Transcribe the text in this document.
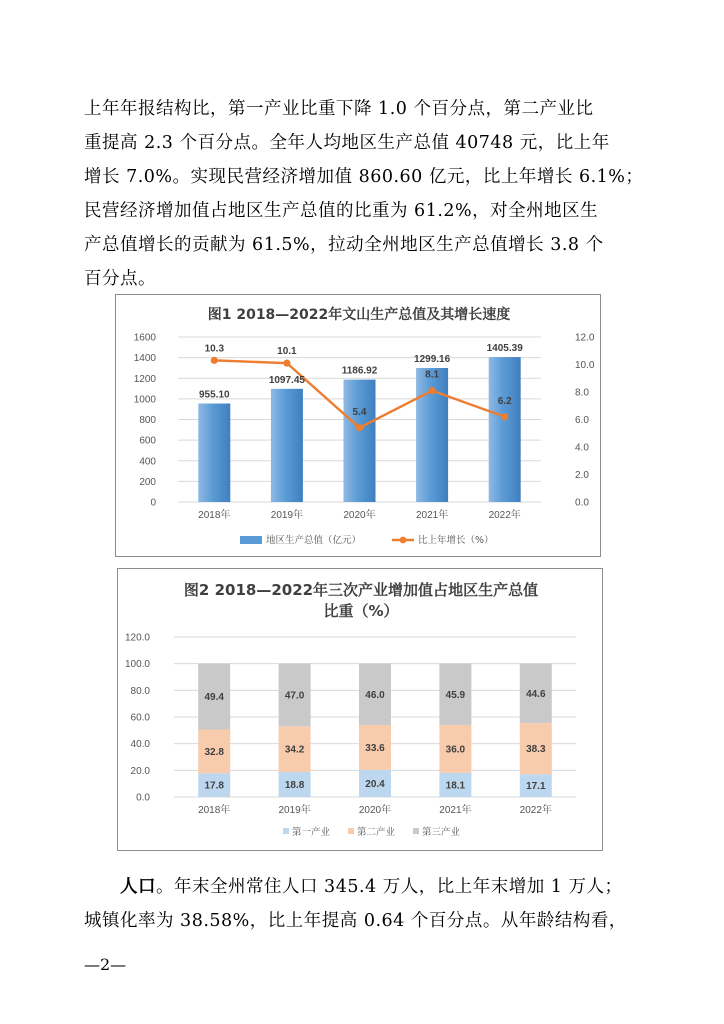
上年年报结构比，第一产业比重下降 1.0 个百分点，第二产业比

重提高 2.3 个百分点。全年人均地区生产总值 40748 元，比上年

增长 7.0%。实现民营经济增加值 860.60 亿元，比上年增长 6.1%；

民营经济增加值占地区生产总值的比重为 61.2%，对全州地区生

产总值增长的贡献为 61.5%，拉动全州地区生产总值增长 3.8 个

百分点。

图1 2018—2022年文山生产总值及其增长速度
955.10
1097.45
1186.92
1299.16
1405.39
10.3	10.1
5.4
8.1
6.2
0
200
400
600
800
1000
1200
1400
1600
0.0
2.0
4.0
6.0
8.0
10.0
12.0
2018年	2019年	2020年	2021年	2022年
地区生产总值（亿元）	比上年增长（%）
图2 2018—2022年三次产业增加值占地区生产总值
比重（%）
17.8
32.8
49.4
18.8
34.2
47.0
20.4
33.6
46.0
18.1
36.0
45.9
17.1
38.3
44.6
0.0
20.0
40.0
60.0
80.0
100.0
120.0
2018年	2019年	2020年	2021年	2022年
第一产业	第二产业	第三产业

人口。年末全州常住人口 345.4 万人，比上年末增加 1 万人；

城镇化率为 38.58%，比上年提高 0.64 个百分点。从年龄结构看，

—2—
